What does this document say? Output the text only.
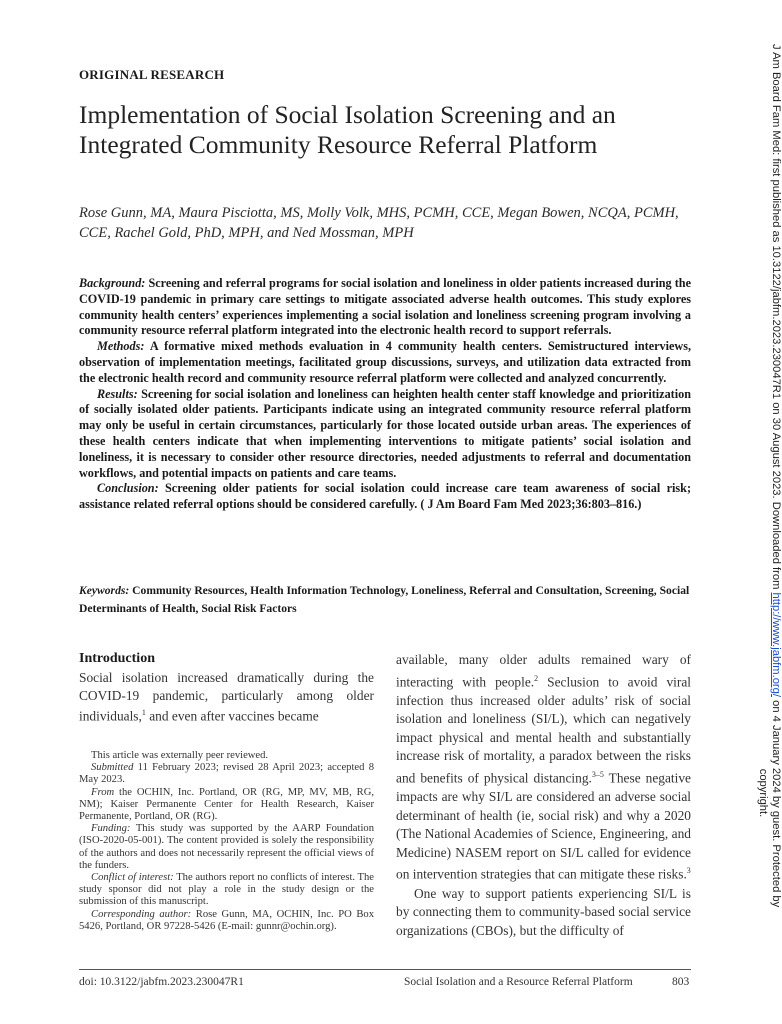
ORIGINAL RESEARCH
Implementation of Social Isolation Screening and an Integrated Community Resource Referral Platform
Rose Gunn, MA, Maura Pisciotta, MS, Molly Volk, MHS, PCMH, CCE, Megan Bowen, NCQA, PCMH, CCE, Rachel Gold, PhD, MPH, and Ned Mossman, MPH

Background: Screening and referral programs for social isolation and loneliness in older patients increased during the COVID-19 pandemic in primary care settings to mitigate associated adverse health outcomes. This study explores community health centers’ experiences implementing a social isolation and loneliness screening program involving a community resource referral platform integrated into the electronic health record to support referrals.

Methods: A formative mixed methods evaluation in 4 community health centers. Semistructured interviews, observation of implementation meetings, facilitated group discussions, surveys, and utilization data extracted from the electronic health record and community resource referral platform were collected and analyzed concurrently.

Results: Screening for social isolation and loneliness can heighten health center staff knowledge and prioritization of socially isolated older patients. Participants indicate using an integrated community resource referral platform may only be useful in certain circumstances, particularly for those located outside urban areas. The experiences of these health centers indicate that when implementing interventions to mitigate patients’ social isolation and loneliness, it is necessary to consider other resource directories, needed adjustments to referral and documentation workflows, and potential impacts on patients and care teams.

Conclusion: Screening older patients for social isolation could increase care team awareness of social risk; assistance related referral options should be considered carefully. ( J Am Board Fam Med 2023;36:803–816.)

Keywords: Community Resources, Health Information Technology, Loneliness, Referral and Consultation, Screening, Social Determinants of Health, Social Risk Factors
Introduction

Social isolation increased dramatically during the COVID-19 pandemic, particularly among older individuals,$^1$ and even after vaccines became

This article was externally peer reviewed.

Submitted 11 February 2023; revised 28 April 2023; accepted 8 May 2023.

From the OCHIN, Inc. Portland, OR (RG, MP, MV, MB, RG, NM); Kaiser Permanente Center for Health Research, Kaiser Permanente, Portland, OR (RG).

Funding: This study was supported by the AARP Foundation (ISO-2020-05-001). The content provided is solely the responsibility of the authors and does not necessarily represent the official views of the funders.

Conflict of interest: The authors report no conflicts of interest. The study sponsor did not play a role in the study design or the submission of this manuscript.

Corresponding author: Rose Gunn, MA, OCHIN, Inc. PO Box 5426, Portland, OR 97228-5426 (E-mail: gunnr@ochin.org).

available, many older adults remained wary of interacting with people.$^2$ Seclusion to avoid viral infection thus increased older adults’ risk of social isolation and loneliness (SI/L), which can negatively impact physical and mental health and substantially increase risk of mortality, a paradox between the risks and benefits of physical distancing.$^{3-5}$ These negative impacts are why SI/L are considered an adverse social determinant of health (ie, social risk) and why a 2020 (The National Academies of Science, Engineering, and Medicine) NASEM report on SI/L called for evidence on intervention strategies that can mitigate these risks.$^3$

One way to support patients experiencing SI/L is by connecting them to community-based social service organizations (CBOs), but the difficulty of

doi: 10.3122/jabfm.2023.230047R1	Social Isolation and a Resource Referral Platform	803
J Am Board Fam Med: first published as 10.3122/jabfm.2023.230047R1 on 30 August 2023. Downloaded from http://www.jabfm.org/ on 4 January 2024 by guest. Protected by
copyright.
